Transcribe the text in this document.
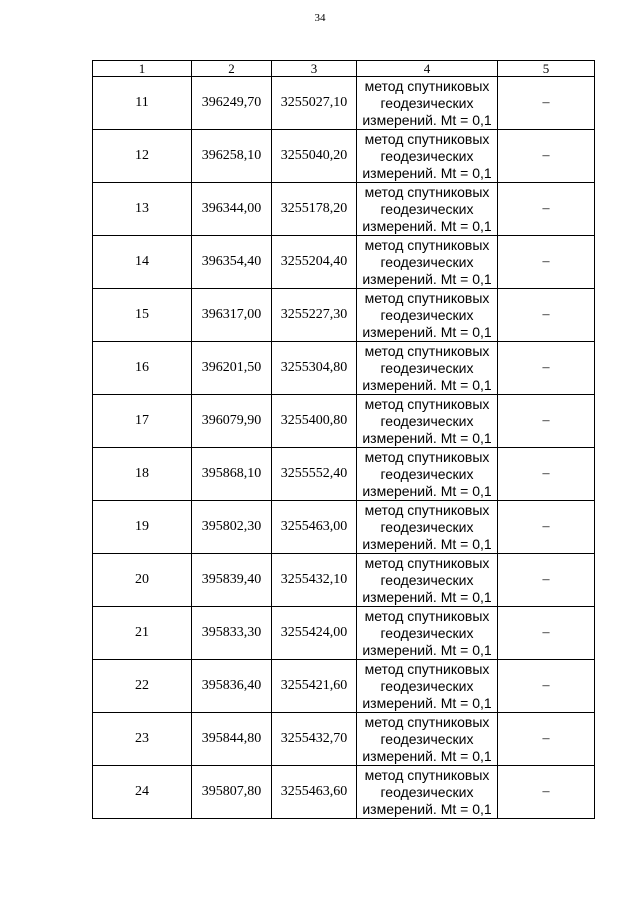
34
1	2	3	4	5
11	396249,70	3255027,10	метод спутниковых
геодезических
измерений. Mt = 0,1	–
12	396258,10	3255040,20	метод спутниковых
геодезических
измерений. Mt = 0,1	–
13	396344,00	3255178,20	метод спутниковых
геодезических
измерений. Mt = 0,1	–
14	396354,40	3255204,40	метод спутниковых
геодезических
измерений. Mt = 0,1	–
15	396317,00	3255227,30	метод спутниковых
геодезических
измерений. Mt = 0,1	–
16	396201,50	3255304,80	метод спутниковых
геодезических
измерений. Mt = 0,1	–
17	396079,90	3255400,80	метод спутниковых
геодезических
измерений. Mt = 0,1	–
18	395868,10	3255552,40	метод спутниковых
геодезических
измерений. Mt = 0,1	–
19	395802,30	3255463,00	метод спутниковых
геодезических
измерений. Mt = 0,1	–
20	395839,40	3255432,10	метод спутниковых
геодезических
измерений. Mt = 0,1	–
21	395833,30	3255424,00	метод спутниковых
геодезических
измерений. Mt = 0,1	–
22	395836,40	3255421,60	метод спутниковых
геодезических
измерений. Mt = 0,1	–
23	395844,80	3255432,70	метод спутниковых
геодезических
измерений. Mt = 0,1	–
24	395807,80	3255463,60	метод спутниковых
геодезических
измерений. Mt = 0,1	–
